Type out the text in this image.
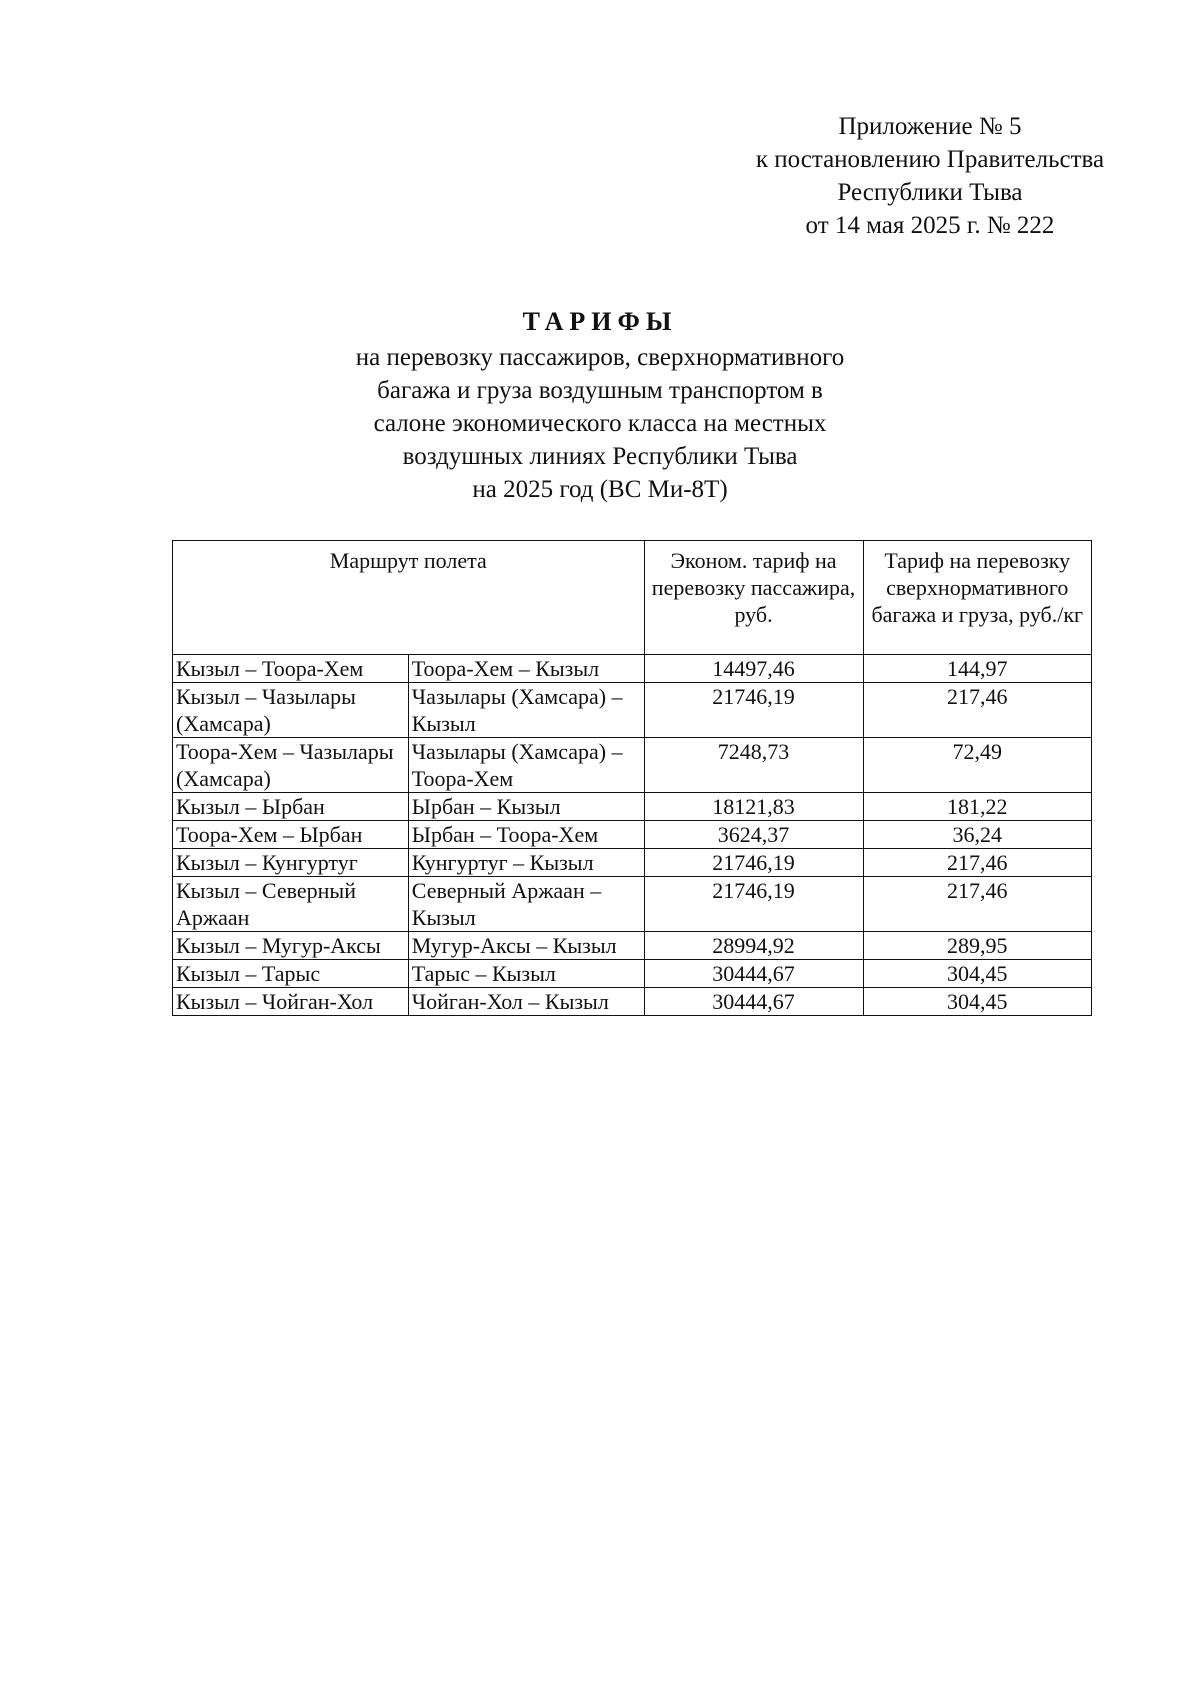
Приложение № 5
к постановлению Правительства
Республики Тыва
от 14 мая 2025 г. № 222
ТАРИФЫ
на перевозку пассажиров, сверхнормативного
багажа и груза воздушным транспортом в
салоне экономического класса на местных
воздушных линиях Республики Тыва
на 2025 год (ВС Ми-8Т)
Маршрут полета		Эконом. тариф на перевозку пассажира, руб.	Тариф на перевозку сверхнормативного багажа и груза, руб./кг
Кызыл – Тоора-Хем	Тоора-Хем – Кызыл	14497,46	144,97
Кызыл – Чазылары (Хамсара)	Чазылары (Хамсара) – Кызыл	21746,19	217,46
Тоора-Хем – Чазылары (Хамсара)	Чазылары (Хамсара) – Тоора-Хем	7248,73	72,49
Кызыл – Ырбан	Ырбан – Кызыл	18121,83	181,22
Тоора-Хем – Ырбан	Ырбан – Тоора-Хем	3624,37	36,24
Кызыл – Кунгуртуг	Кунгуртуг – Кызыл	21746,19	217,46
Кызыл – Северный Аржаан	Северный Аржаан – Кызыл	21746,19	217,46
Кызыл – Мугур-Аксы	Мугур-Аксы – Кызыл	28994,92	289,95
Кызыл – Тарыс	Тарыс – Кызыл	30444,67	304,45
Кызыл – Чойган-Хол	Чойган-Хол – Кызыл	30444,67	304,45
